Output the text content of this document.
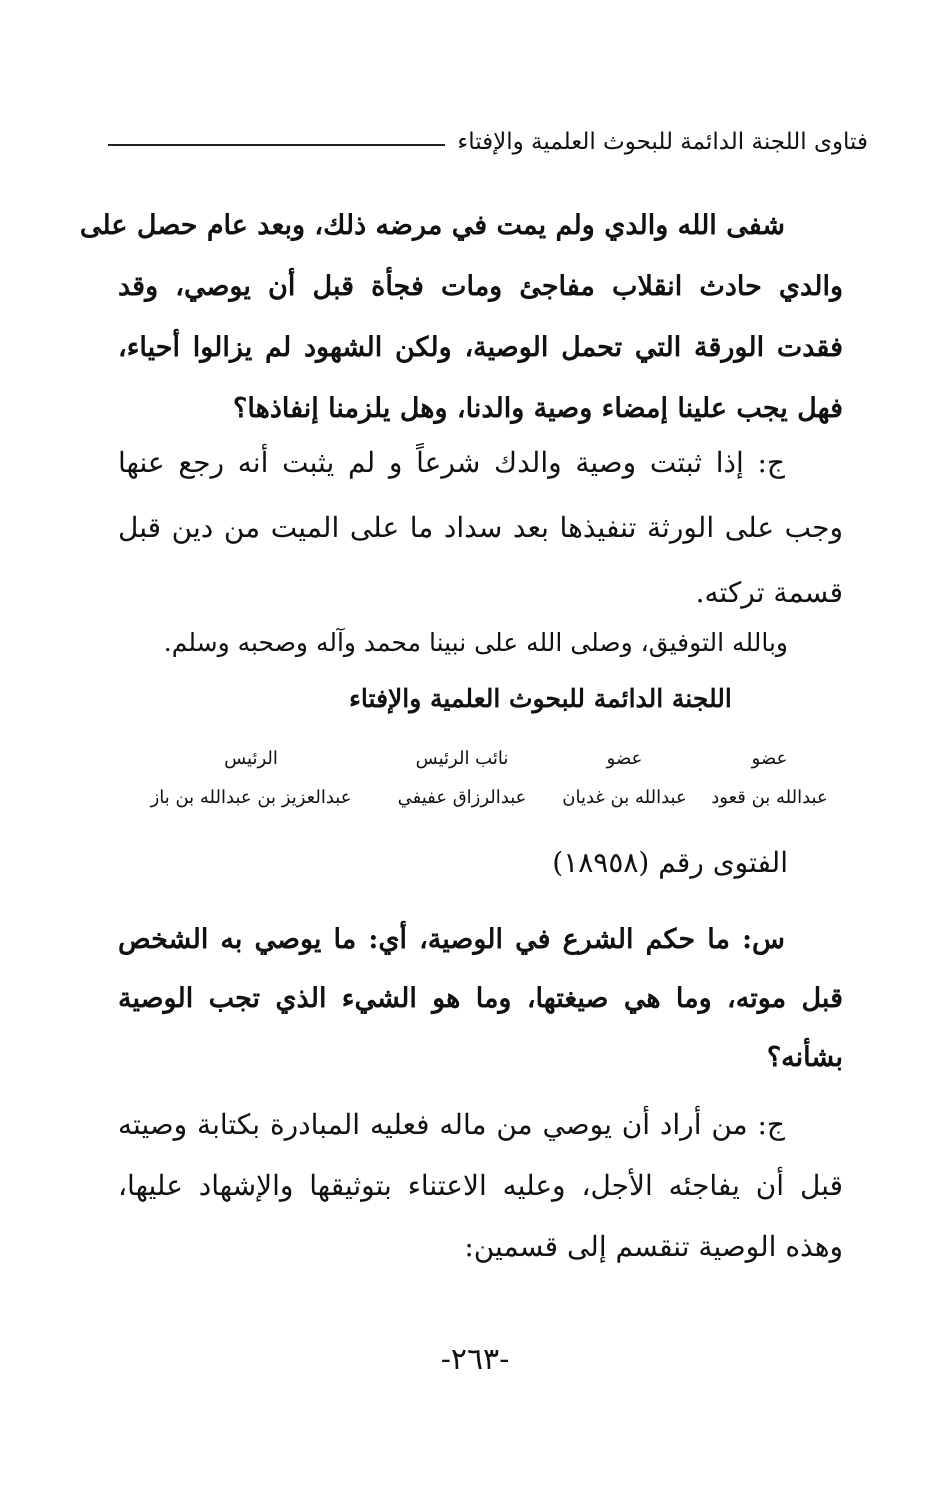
فتاوى اللجنة الدائمة للبحوث العلمية والإفتاء
شفى الله والدي ولم يمت في مرضه ذلك، وبعد عام حصل على
والدي حادث انقلاب مفاجئ ومات فجأة قبل أن يوصي، وقد
فقدت الورقة التي تحمل الوصية، ولكن الشهود لم يزالوا أحياء،
فهل يجب علينا إمضاء وصية والدنا، وهل يلزمنا إنفاذها؟
ج: إذا ثبتت وصية والدك شرعاً و لم يثبت أنه رجع عنها
وجب على الورثة تنفيذها بعد سداد ما على الميت من دين قبل
قسمة تركته.
وبالله التوفيق، وصلى الله على نبينا محمد وآله وصحبه وسلم.
اللجنة الدائمة للبحوث العلمية والإفتاء
عضو
عضو
نائب الرئيس
الرئيس
عبدالله بن قعود
عبدالله بن غديان
عبدالرزاق عفيفي
عبدالعزيز بن عبدالله بن باز
الفتوى رقم (١٨٩٥٨)
س: ما حكم الشرع في الوصية، أي: ما يوصي به الشخص
قبل موته، وما هي صيغتها، وما هو الشيء الذي تجب الوصية
بشأنه؟
ج: من أراد أن يوصي من ماله فعليه المبادرة بكتابة وصيته
قبل أن يفاجئه الأجل، وعليه الاعتناء بتوثيقها والإشهاد عليها،
وهذه الوصية تنقسم إلى قسمين:
-٢٦٣-
